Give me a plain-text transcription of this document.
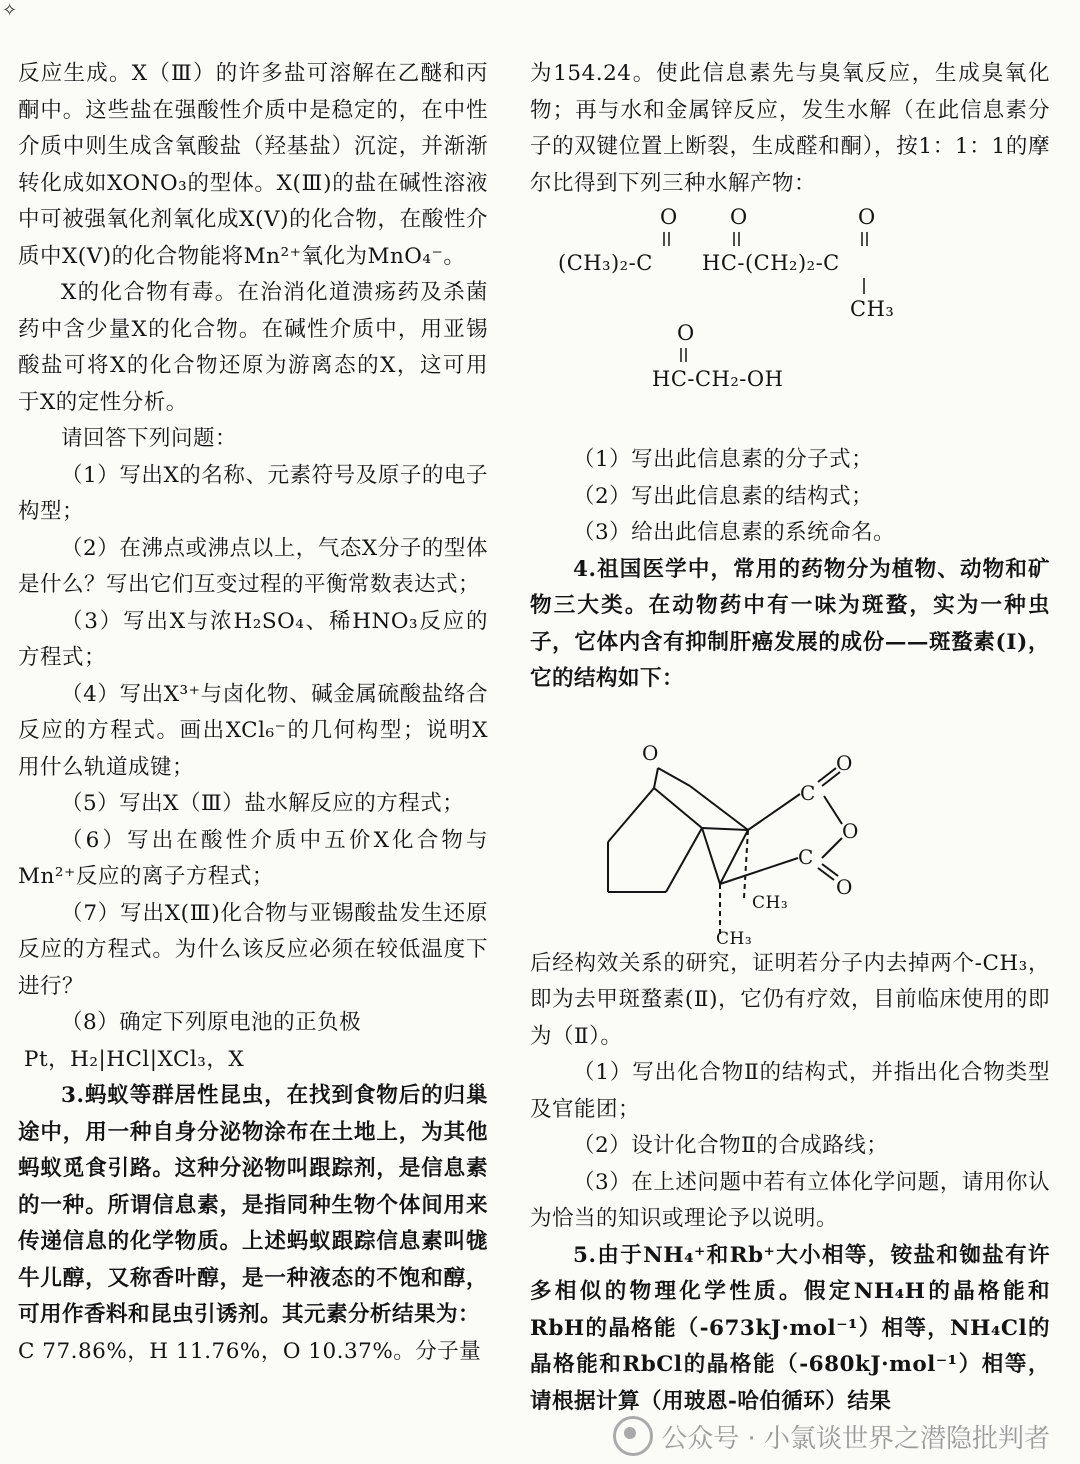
✧

反应生成。X（Ⅲ）的许多盐可溶解在乙醚和丙酮中。这些盐在强酸性介质中是稳定的，在中性介质中则生成含氧酸盐（羟基盐）沉淀，并渐渐转化成如XONO₃的型体。X(Ⅲ)的盐在碱性溶液中可被强氧化剂氧化成X(Ⅴ)的化合物，在酸性介质中X(Ⅴ)的化合物能将Mn²⁺氧化为MnO₄⁻。

X的化合物有毒。在治消化道溃疡药及杀菌药中含少量X的化合物。在碱性介质中，用亚锡酸盐可将X的化合物还原为游离态的X，这可用于X的定性分析。

请回答下列问题：

（1）写出X的名称、元素符号及原子的电子构型；

（2）在沸点或沸点以上，气态X分子的型体是什么？写出它们互变过程的平衡常数表达式；

（3）写出X与浓H₂SO₄、稀HNO₃反应的方程式；

（4）写出X³⁺与卤化物、碱金属硫酸盐络合反应的方程式。画出XCl₆⁻的几何构型；说明X用什么轨道成键；

（5）写出X（Ⅲ）盐水解反应的方程式；

（6）写出在酸性介质中五价X化合物与Mn²⁺反应的离子方程式；

（7）写出X(Ⅲ)化合物与亚锡酸盐发生还原反应的方程式。为什么该反应必须在较低温度下进行？

（8）确定下列原电池的正负极

Pt，H₂|HCl|XCl₃，X

3.蚂蚁等群居性昆虫，在找到食物后的归巢途中，用一种自身分泌物涂布在土地上，为其他蚂蚁觅食引路。这种分泌物叫跟踪剂，是信息素的一种。所谓信息素，是指同种生物个体间用来传递信息的化学物质。上述蚂蚁跟踪信息素叫牻牛儿醇，又称香叶醇，是一种液态的不饱和醇，可用作香料和昆虫引诱剂。其元素分析结果为：

C 77.86%，H 11.76%，O 10.37%。分子量

为154.24。使此信息素先与臭氧反应，生成臭氧化物；再与水和金属锌反应，发生水解（在此信息素分子的双键位置上断裂，生成醛和酮），按1：1：1的摩尔比得到下列三种水解产物：

O
(CH₃)₂-C
O
HC-(CH₂)₂-C
O
CH₃
O
HC-CH₂-OH

（1）写出此信息素的分子式；

（2）写出此信息素的结构式；

（3）给出此信息素的系统命名。

4.祖国医学中，常用的药物分为植物、动物和矿物三大类。在动物药中有一味为斑蝥，实为一种虫子，它体内含有抑制肝癌发展的成份——斑蝥素(Ⅰ)，它的结构如下：

O
C
O
O
C
O
CH₃
CH₃

后经构效关系的研究，证明若分子内去掉两个-CH₃，即为去甲斑蝥素(Ⅱ)，它仍有疗效，目前临床使用的即为（Ⅱ）。

（1）写出化合物Ⅱ的结构式，并指出化合物类型及官能团；

（2）设计化合物Ⅱ的合成路线；

（3）在上述问题中若有立体化学问题，请用你认为恰当的知识或理论予以说明。

5.由于NH₄⁺和Rb⁺大小相等，铵盐和铷盐有许多相似的物理化学性质。假定NH₄H的晶格能和RbH的晶格能（-673kJ·mol⁻¹）相等，NH₄Cl的晶格能和RbCl的晶格能（-680kJ·mol⁻¹）相等，请根据计算（用玻恩-哈伯循环）结果

公众号 · 小氯谈世界之潜隐批判者
